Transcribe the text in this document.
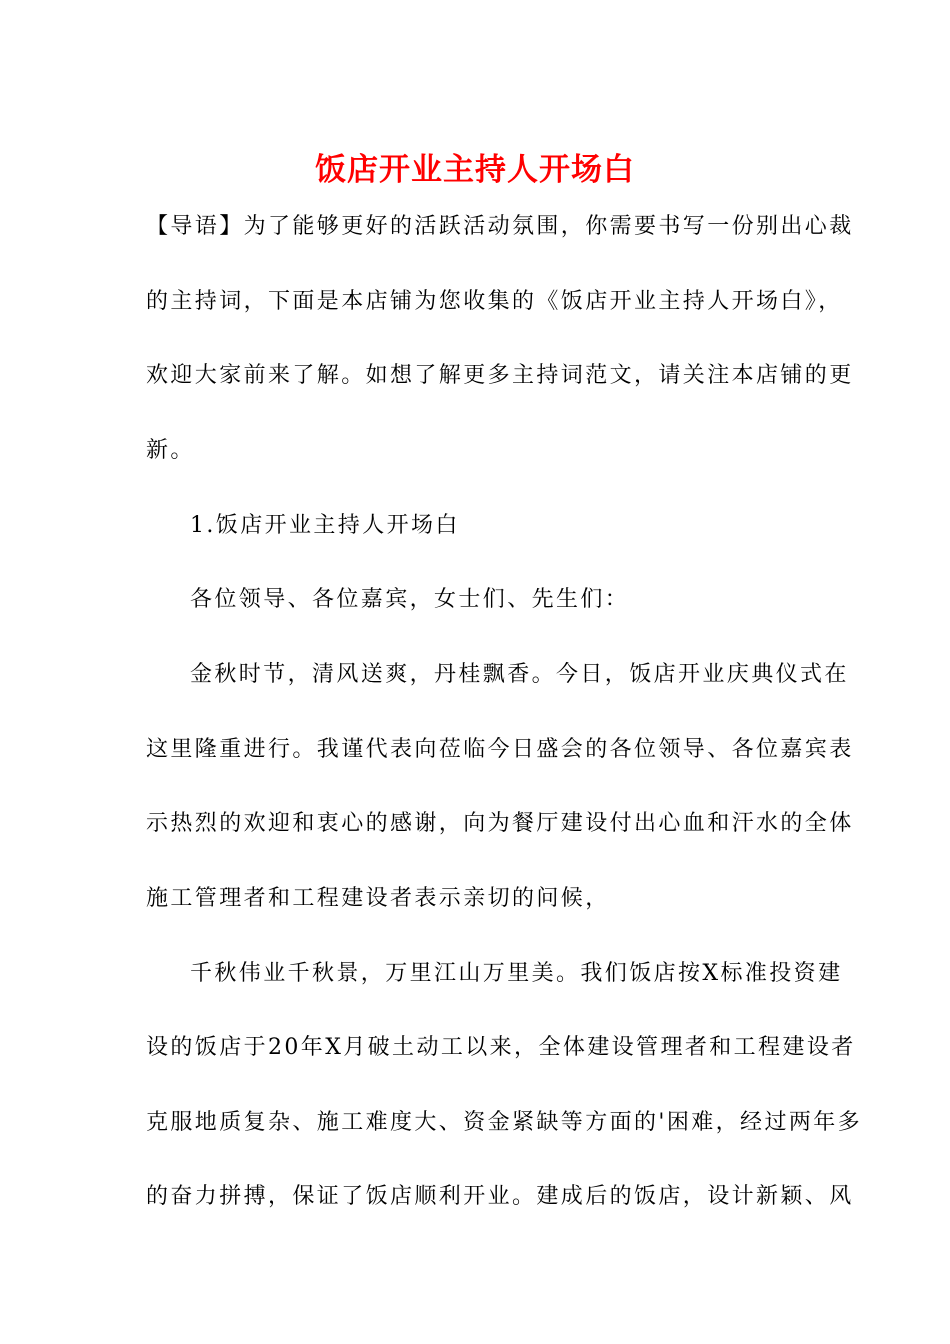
饭店开业主持人开场白
【导语】为了能够更好的活跃活动氛围，你需要书写一份别出心裁
的主持词，下面是本店铺为您收集的《饭店开业主持人开场白》，
欢迎大家前来了解。如想了解更多主持词范文，请关注本店铺的更
新。
1.饭店开业主持人开场白
各位领导、各位嘉宾，女士们、先生们：
金秋时节，清风送爽，丹桂飘香。今日，饭店开业庆典仪式在
这里隆重进行。我谨代表向莅临今日盛会的各位领导、各位嘉宾表
示热烈的欢迎和衷心的感谢，向为餐厅建设付出心血和汗水的全体
施工管理者和工程建设者表示亲切的问候，
千秋伟业千秋景，万里江山万里美。我们饭店按X标准投资建
设的饭店于20年X月破土动工以来，全体建设管理者和工程建设者
克服地质复杂、施工难度大、资金紧缺等方面的'困难，经过两年多
的奋力拼搏，保证了饭店顺利开业。建成后的饭店，设计新颖、风
